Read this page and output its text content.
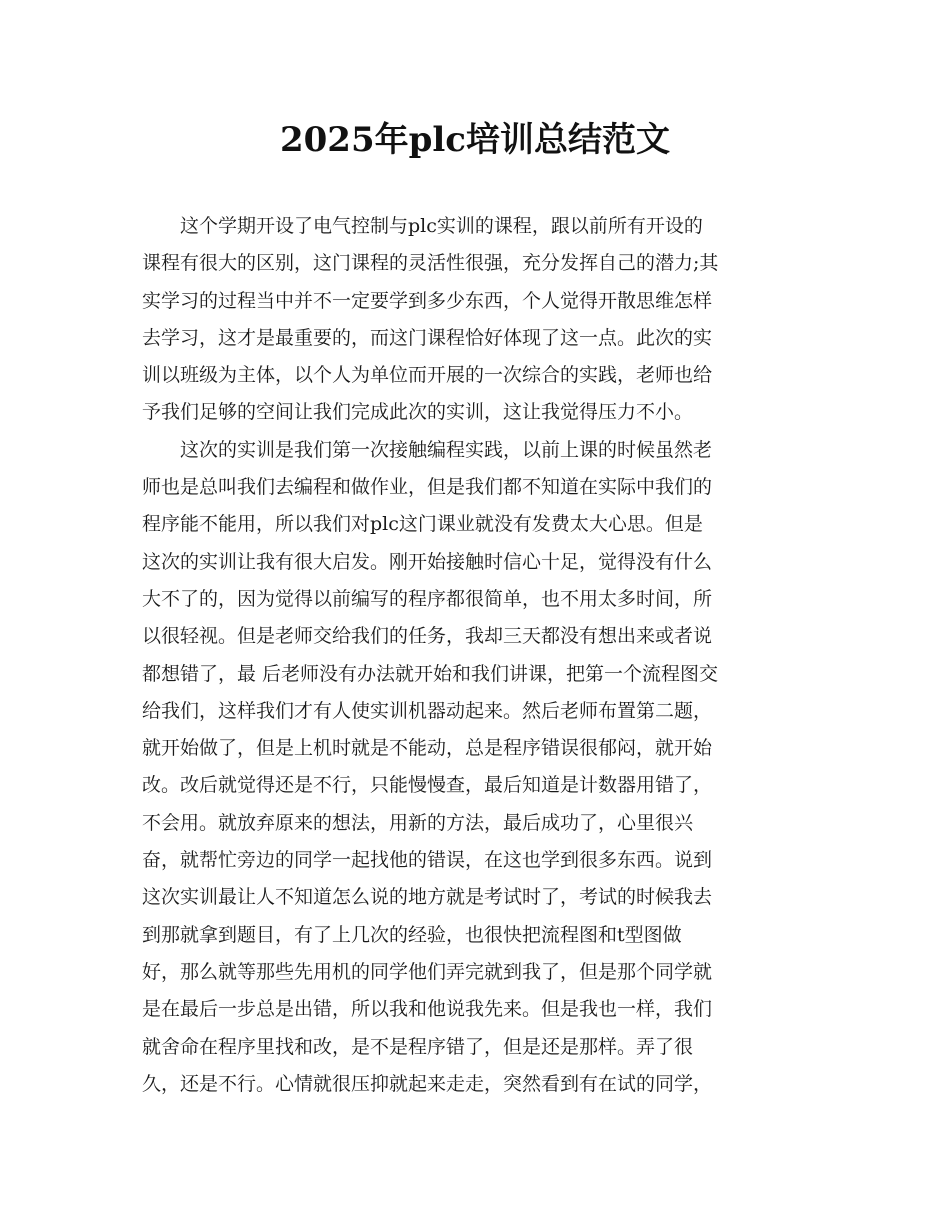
2025年plc培训总结范文
这个学期开设了电气控制与plc实训的课程，跟以前所有开设的
课程有很大的区别，这门课程的灵活性很强，充分发挥自己的潜力;其
实学习的过程当中并不一定要学到多少东西，个人觉得开散思维怎样
去学习，这才是最重要的，而这门课程恰好体现了这一点。此次的实
训以班级为主体，以个人为单位而开展的一次综合的实践，老师也给
予我们足够的空间让我们完成此次的实训，这让我觉得压力不小。
这次的实训是我们第一次接触编程实践，以前上课的时候虽然老
师也是总叫我们去编程和做作业，但是我们都不知道在实际中我们的
程序能不能用，所以我们对plc这门课业就没有发费太大心思。但是
这次的实训让我有很大启发。刚开始接触时信心十足，觉得没有什么
大不了的，因为觉得以前编写的程序都很简单，也不用太多时间，所
以很轻视。但是老师交给我们的任务，我却三天都没有想出来或者说
都想错了，最 后老师没有办法就开始和我们讲课，把第一个流程图交
给我们，这样我们才有人使实训机器动起来。然后老师布置第二题，
就开始做了，但是上机时就是不能动，总是程序错误很郁闷，就开始
改。改后就觉得还是不行，只能慢慢查，最后知道是计数器用错了，
不会用。就放弃原来的想法，用新的方法，最后成功了，心里很兴
奋，就帮忙旁边的同学一起找他的错误，在这也学到很多东西。说到
这次实训最让人不知道怎么说的地方就是考试时了，考试的时候我去
到那就拿到题目，有了上几次的经验，也很快把流程图和t型图做
好，那么就等那些先用机的同学他们弄完就到我了，但是那个同学就
是在最后一步总是出错，所以我和他说我先来。但是我也一样，我们
就舍命在程序里找和改，是不是程序错了，但是还是那样。弄了很
久，还是不行。心情就很压抑就起来走走，突然看到有在试的同学，
